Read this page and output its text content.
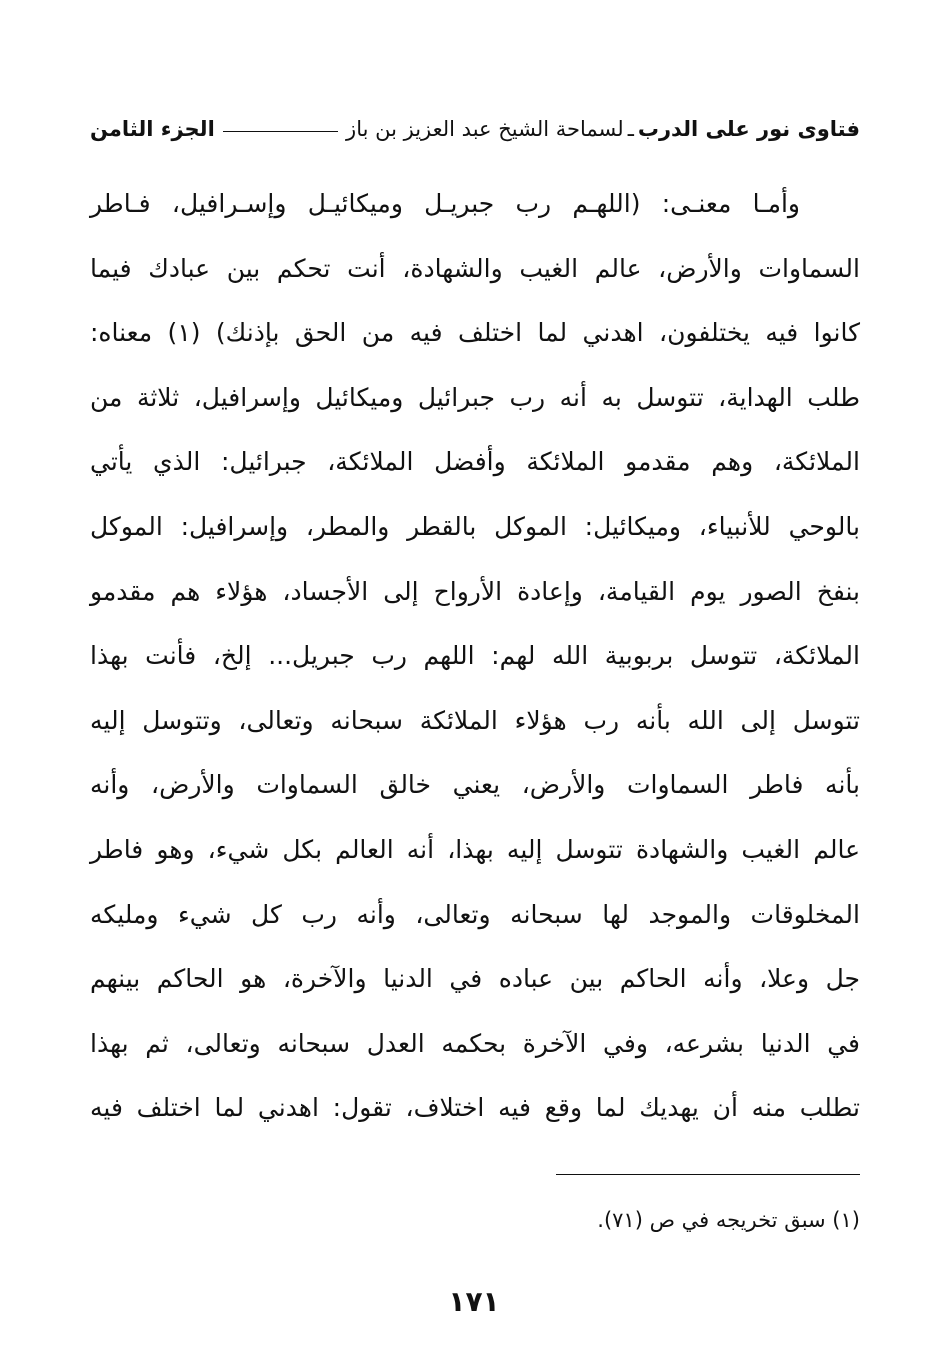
فتاوى نور على الدرب
ـ
لسماحة الشيخ عبد العزيز بن باز
الجزء الثامن
وأمـا معنـى: (اللهـم رب جبريـل وميكائيـل وإسـرافيل، فـاطر
السماوات والأرض، عالم الغيب والشهادة، أنت تحكم بين عبادك فيما
كانوا فيه يختلفون، اهدني لما اختلف فيه من الحق بإذنك) (١) معناه:
طلب الهداية، تتوسل به أنه رب جبرائيل وميكائيل وإسرافيل، ثلاثة من
الملائكة، وهم مقدمو الملائكة وأفضل الملائكة، جبرائيل: الذي يأتي
بالوحي للأنبياء، وميكائيل: الموكل بالقطر والمطر، وإسرافيل: الموكل
بنفخ الصور يوم القيامة، وإعادة الأرواح إلى الأجساد، هؤلاء هم مقدمو
الملائكة، تتوسل بربوبية الله لهم: اللهم رب جبريل... إلخ، فأنت بهذا
تتوسل إلى الله بأنه رب هؤلاء الملائكة سبحانه وتعالى، وتتوسل إليه
بأنه فاطر السماوات والأرض، يعني خالق السماوات والأرض، وأنه
عالم الغيب والشهادة تتوسل إليه بهذا، أنه العالم بكل شيء، وهو فاطر
المخلوقات والموجد لها سبحانه وتعالى، وأنه رب كل شيء ومليكه
جل وعلا، وأنه الحاكم بين عباده في الدنيا والآخرة، هو الحاكم بينهم
في الدنيا بشرعه، وفي الآخرة بحكمه العدل سبحانه وتعالى، ثم بهذا
تطلب منه أن يهديك لما وقع فيه اختلاف، تقول: اهدني لما اختلف فيه
(١) سبق تخريجه في ص (٧١).
١٧١
